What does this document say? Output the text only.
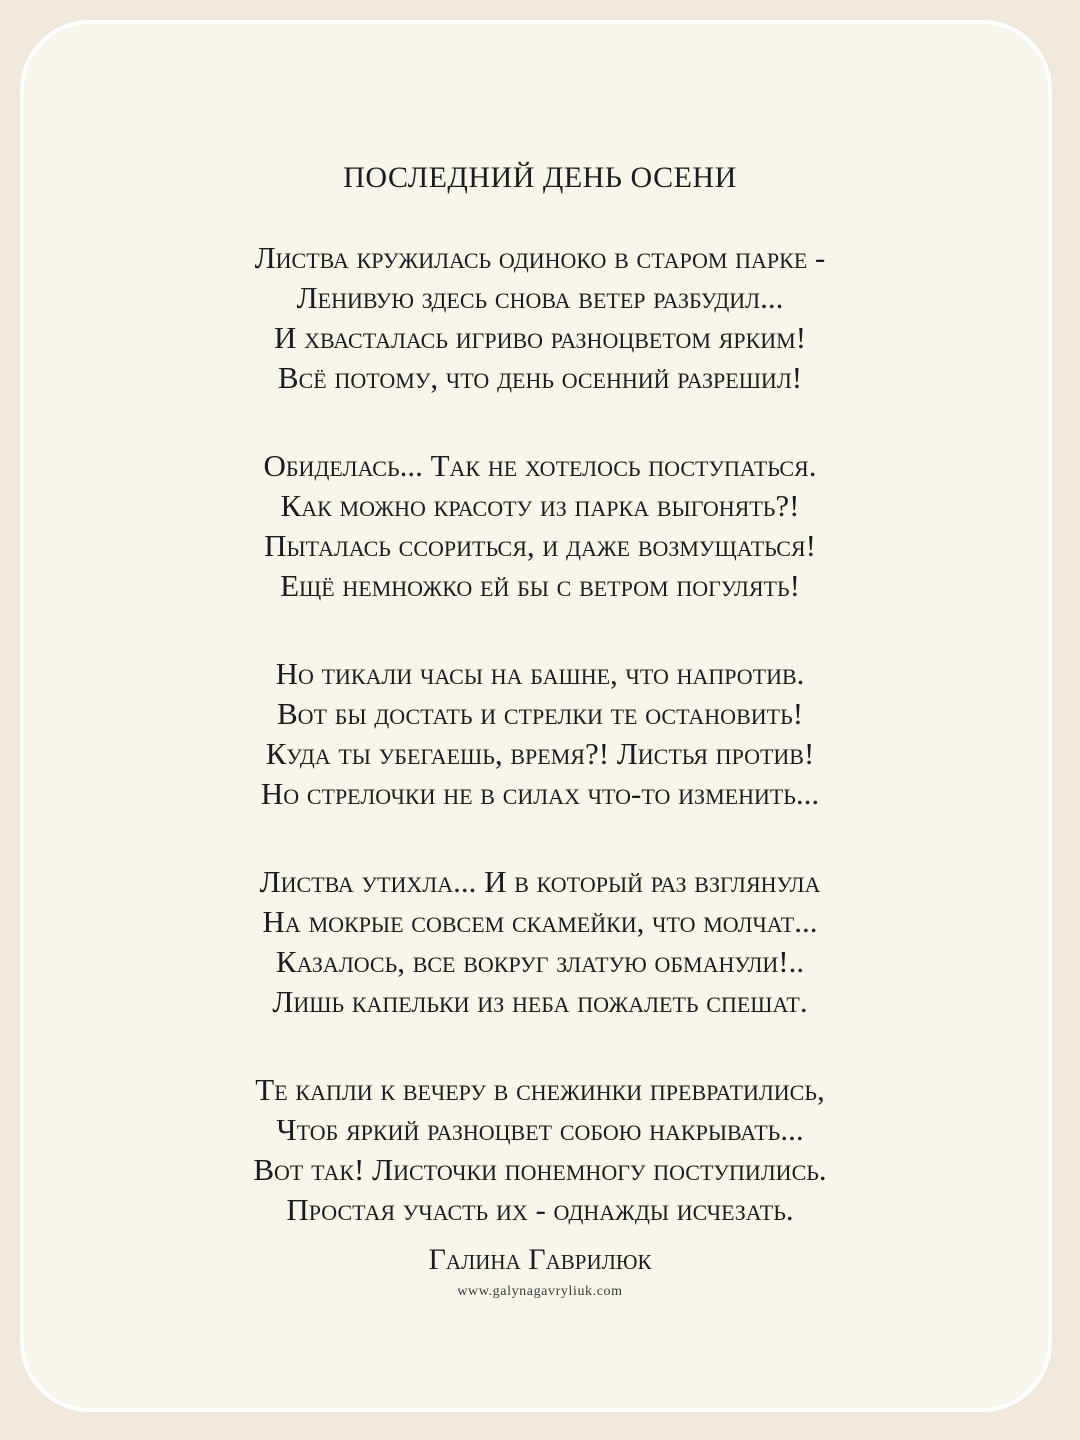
ПОСЛЕДНИЙ ДЕНЬ ОСЕНИ
Листва кружилась одиноко в старом парке -
Ленивую здесь снова ветер разбудил...
И хвасталась игриво разноцветом ярким!
Всё потому, что день осенний разрешил!
Обиделась... Так не хотелось поступаться.
Как можно красоту из парка выгонять?!
Пыталась ссориться, и даже возмущаться!
Ещё немножко ей бы с ветром погулять!
Но тикали часы на башне, что напротив.
Вот бы достать и стрелки те остановить!
Куда ты убегаешь, время?! Листья против!
Но стрелочки не в силах что-то изменить...
Листва утихла... И в который раз взглянула
На мокрые совсем скамейки, что молчат...
Казалось, все вокруг златую обманули!..
Лишь капельки из неба пожалеть спешат.
Те капли к вечеру в снежинки превратились,
Чтоб яркий разноцвет собою накрывать...
Вот так! Листочки понемногу поступились.
Простая участь их - однажды исчезать.
Галина Гаврилюк
www.galynagavryliuk.com
